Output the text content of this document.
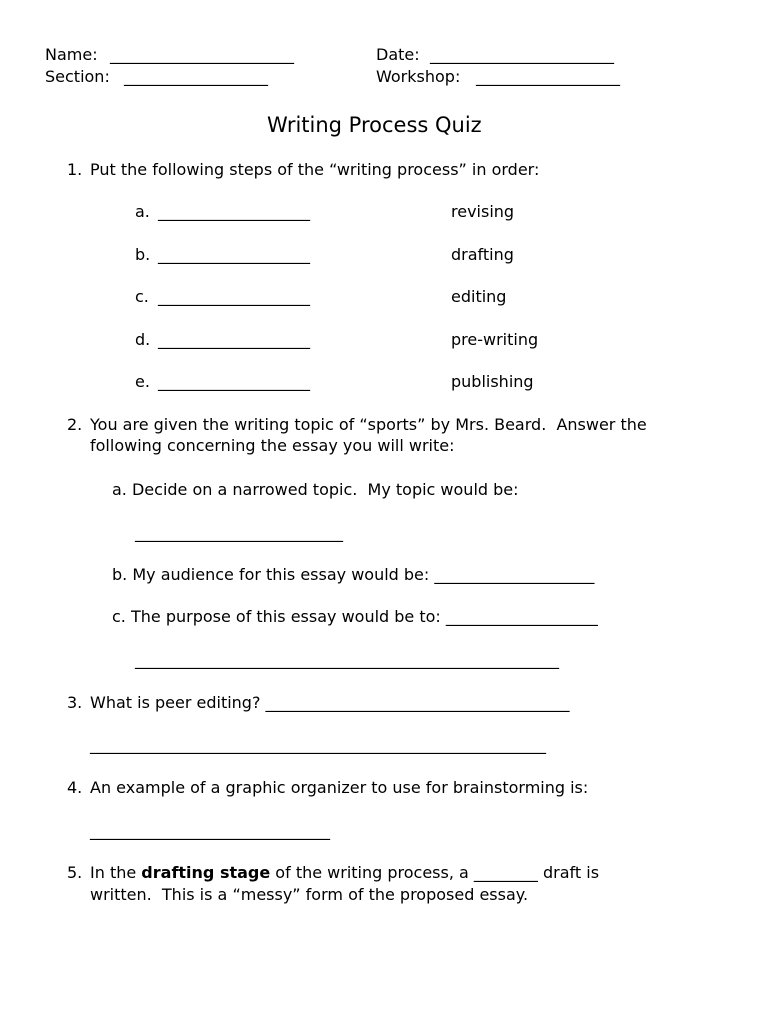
Name: _______________________	Date: _______________________
Section: __________________	Workshop: __________________
Writing Process Quiz
1. Put the following steps of the “writing process” in order:
a. ___________________	revising
b. ___________________	drafting
c. ___________________	editing
d. ___________________	pre-writing
e. ___________________	publishing
2. You are given the writing topic of “sports” by Mrs. Beard.  Answer the
following concerning the essay you will write:
a. Decide on a narrowed topic.  My topic would be:
__________________________
b. My audience for this essay would be: ____________________
c. The purpose of this essay would be to: ___________________
_____________________________________________________
3. What is peer editing? ______________________________________
_________________________________________________________
4. An example of a graphic organizer to use for brainstorming is:
______________________________
5. In the drafting stage of the writing process, a ________ draft is
written.  This is a “messy” form of the proposed essay.
